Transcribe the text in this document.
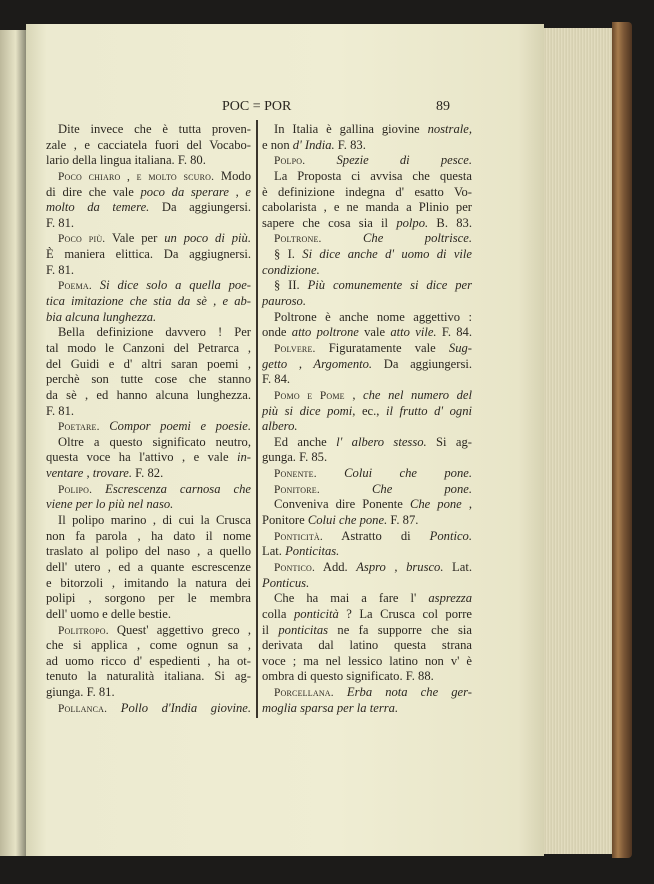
POC = POR	89
Dite invece che è tutta proven-
zale , e cacciatela fuori del Vocabo-
lario della lingua italiana. F. 80.
Poco chiaro , e molto scuro. Modo
di dire che vale poco da sperare , e
molto da temere. Da aggiungersi.
F. 81.
Poco più. Vale per un poco di più.
È maniera elittica. Da aggiugnersi.
F. 81.
Poema. Si dice solo a quella poe-
tica imitazione che stia da sè , e ab-
bia alcuna lunghezza.
Bella definizione davvero ! Per
tal modo le Canzoni del Petrarca ,
del Guidi e d' altri saran poemi ,
perchè son tutte cose che stanno
da sè , ed hanno alcuna lunghezza.
F. 81.
Poetare. Compor poemi e poesie.
Oltre a questo significato neutro,
questa voce ha l'attivo , e vale in-
ventare , trovare. F. 82.
Polipo. Escrescenza carnosa che
viene per lo più nel naso.
Il polipo marino , di cui la Crusca
non fa parola , ha dato il nome
traslato al polipo del naso , a quello
dell' utero , ed a quante escrescenze
e bitorzoli , imitando la natura dei
polipi , sorgono per le membra
dell' uomo e delle bestie.
Politropo. Quest' aggettivo greco ,
che si applica , come ognun sa ,
ad uomo ricco d' espedienti , ha ot-
tenuto la naturalità italiana. Si ag-
giunga. F. 81.
Pollanca. Pollo d'India giovine.
In Italia è gallina giovine nostrale,
e non d' India. F. 83.
Polpo. Spezie di pesce.
La Proposta ci avvisa che questa
è definizione indegna d' esatto Vo-
cabolarista , e ne manda a Plinio per
sapere che cosa sia il polpo. B. 83.
Poltrone. Che poltrisce.
§ I. Si dice anche d' uomo di vile
condizione.
§ II. Più comunemente si dice per
pauroso.
Poltrone è anche nome aggettivo :
onde atto poltrone vale atto vile. F. 84.
Polvere. Figuratamente vale Sug-
getto , Argomento. Da aggiungersi.
F. 84.
Pomo e Pome , che nel numero del
più si dice pomi, ec., il frutto d' ogni
albero.
Ed anche l' albero stesso. Si ag-
gunga. F. 85.
Ponente. Colui che pone.
Ponitore. Che pone.
Conveniva dire Ponente Che pone ,
Ponitore Colui che pone. F. 87.
Ponticità. Astratto di Pontico.
Lat. Ponticitas.
Pontico. Add. Aspro , brusco. Lat.
Ponticus.
Che ha mai a fare l' asprezza
colla ponticità ? La Crusca col porre
il ponticitas ne fa supporre che sia
derivata dal latino questa strana
voce ; ma nel lessico latino non v' è
ombra di questo significato. F. 88.
Porcellana. Erba nota che ger-
moglia sparsa per la terra.
